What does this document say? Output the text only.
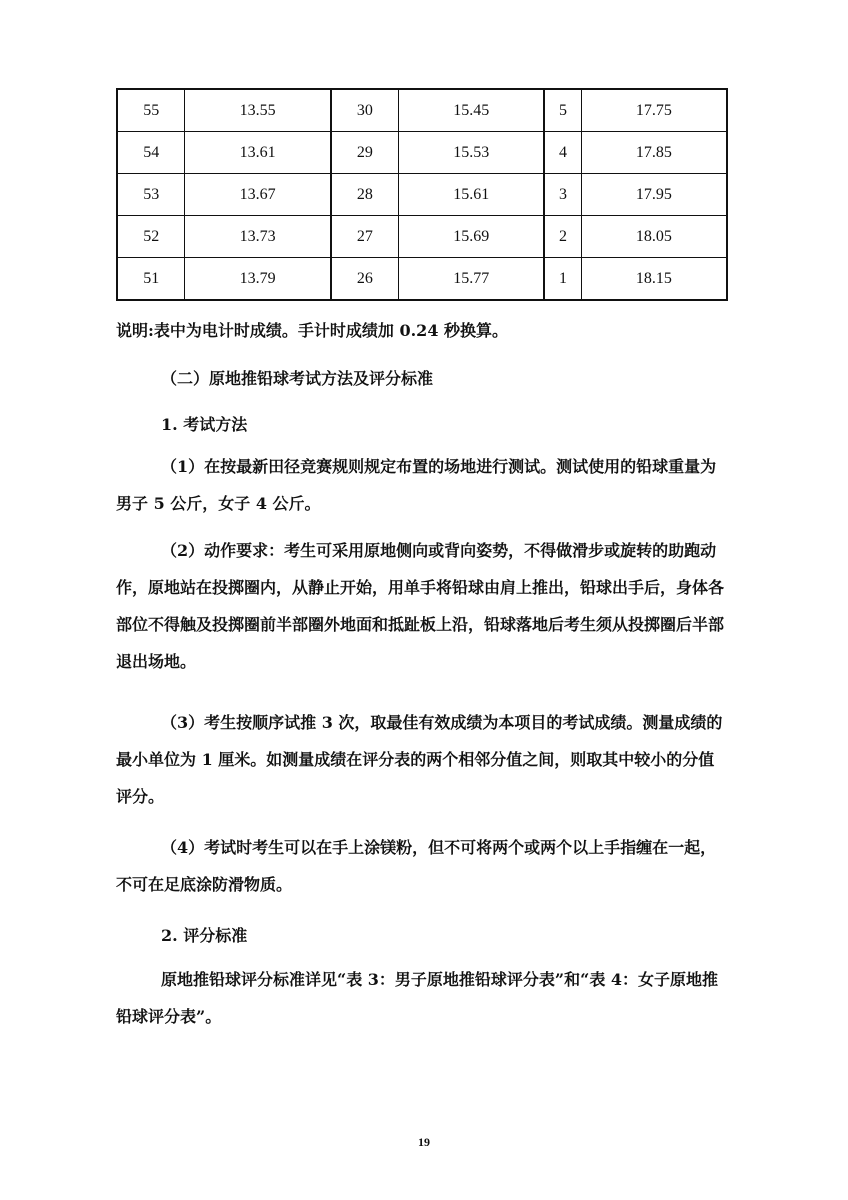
55	13.55	30	15.45	5	17.75
54	13.61	29	15.53	4	17.85
53	13.67	28	15.61	3	17.95
52	13.73	27	15.69	2	18.05
51	13.79	26	15.77	1	18.15
说明:表中为电计时成绩。手计时成绩加 0.24 秒换算。
（二）原地推铅球考试方法及评分标准
1. 考试方法
（1）在按最新田径竞赛规则规定布置的场地进行测试。测试使用的铅球重量为男子 5 公斤，女子 4 公斤。
（2）动作要求：考生可采用原地侧向或背向姿势，不得做滑步或旋转的助跑动作，原地站在投掷圈内，从静止开始，用单手将铅球由肩上推出，铅球出手后，身体各部位不得触及投掷圈前半部圈外地面和抵趾板上沿，铅球落地后考生须从投掷圈后半部退出场地。
（3）考生按顺序试推 3 次，取最佳有效成绩为本项目的考试成绩。测量成绩的最小单位为 1 厘米。如测量成绩在评分表的两个相邻分值之间，则取其中较小的分值评分。
（4）考试时考生可以在手上涂镁粉，但不可将两个或两个以上手指缠在一起，不可在足底涂防滑物质。
2. 评分标准
原地推铅球评分标准详见“表 3：男子原地推铅球评分表”和“表 4：女子原地推铅球评分表”。
19
